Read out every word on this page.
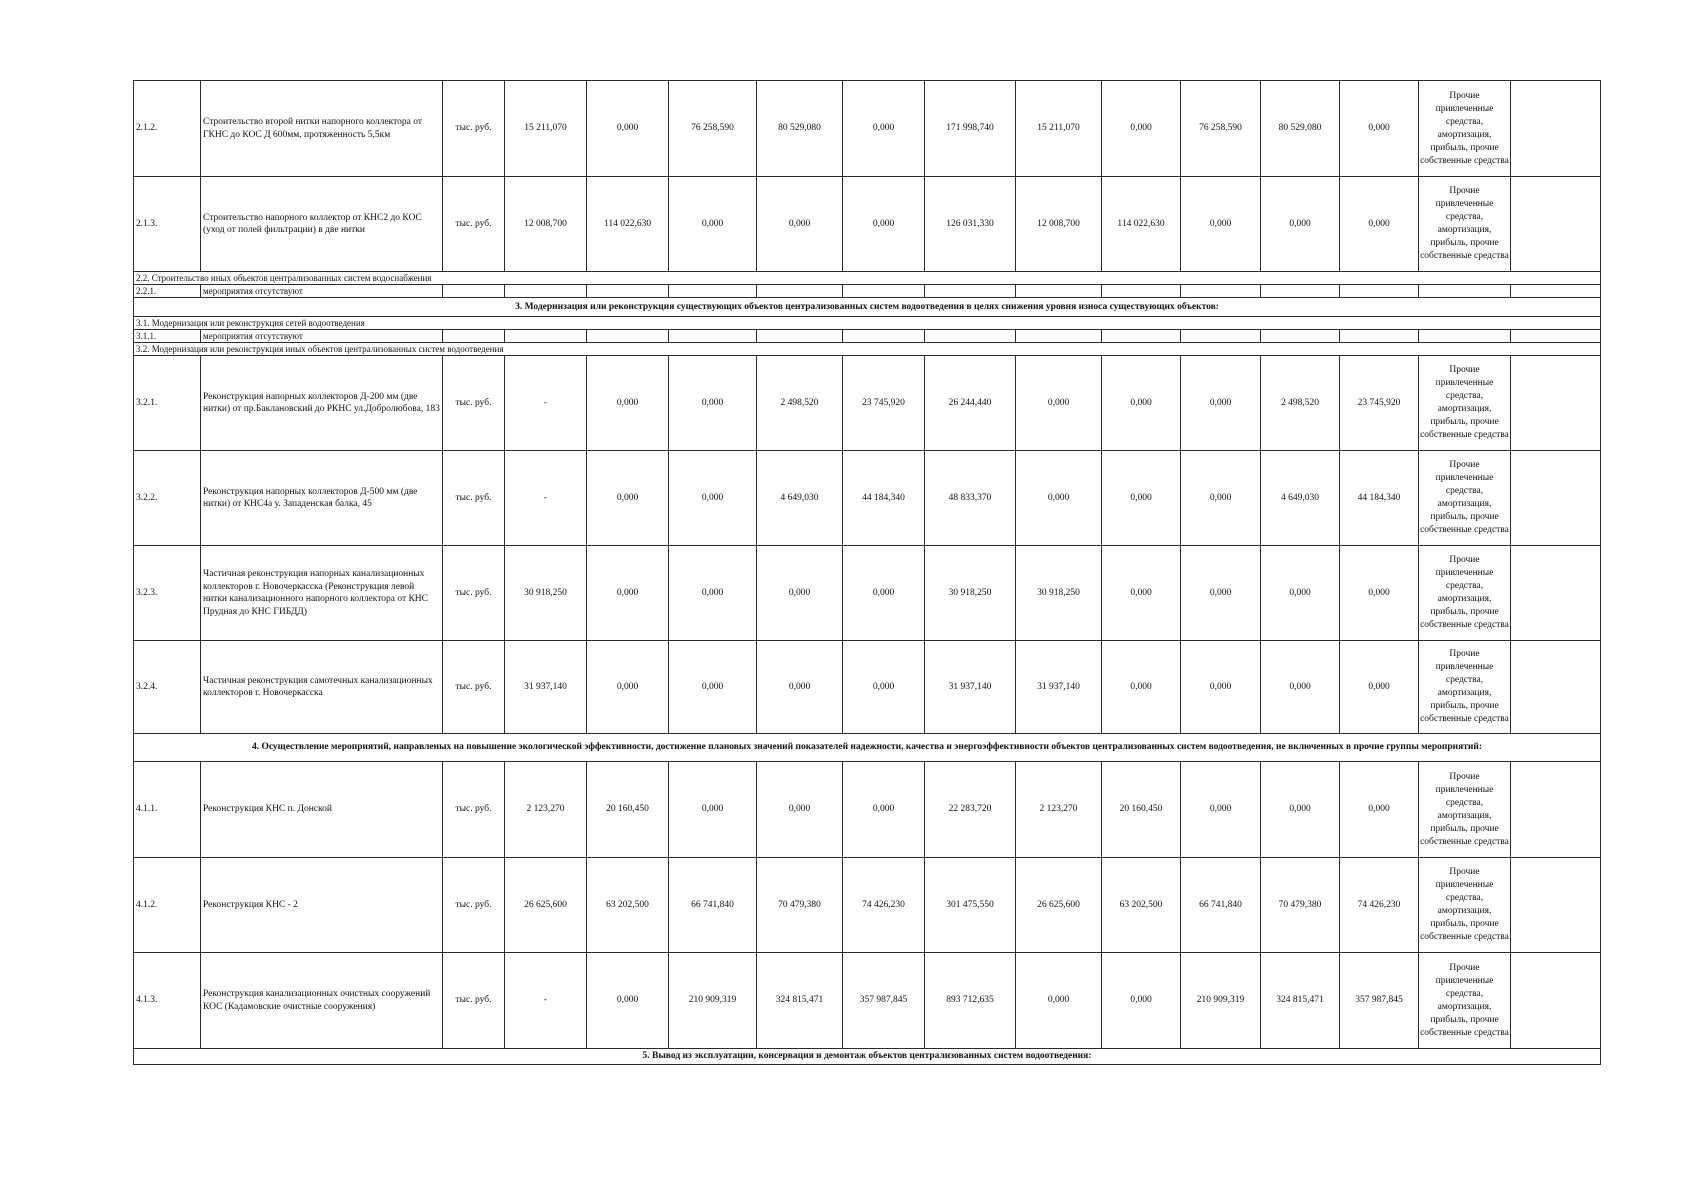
2.1.2.	Строительство второй нитки напорного коллектора от ГКНС до КОС Д 600мм, протяженность 5,5км	тыс. руб.	15 211,070	0,000	76 258,590	80 529,080	0,000	171 998,740	15 211,070	0,000	76 258,590	80 529,080	0,000	Прочие привлеченные средства, амортизация, прибыль, прочие собственные средства	
2.1.3.	Строительство напорного коллектор от КНС2 до КОС (уход от полей фильтрации) в две нитки	тыс. руб.	12 008,700	114 022,630	0,000	0,000	0,000	126 031,330	12 008,700	114 022,630	0,000	0,000	0,000	Прочие привлеченные средства, амортизация, прибыль, прочие собственные средства	
2.2. Строительство иных объектов централизованных систем водоснабжения															
2.2.1.	мероприятия отсутствуют														
3. Модернизация или реконструкция существующих объектов централизованных систем водоотведения в целях снижения уровня износа существующих объектов:															
3.1. Модернизация или реконструкция сетей водоотведения															
3.1.1.	мероприятия отсутствуют														
3.2. Модернизация или реконструкция иных объектов централизованных систем водоотведения															
3.2.1.	Реконструкция напорных коллекторов Д-200 мм (две нитки) от пр.Баклановский до РКНС ул.Добролюбова, 183	тыс. руб.	-	0,000	0,000	2 498,520	23 745,920	26 244,440	0,000	0,000	0,000	2 498,520	23 745,920	Прочие привлеченные средства, амортизация, прибыль, прочие собственные средства	
3.2.2.	Реконструкция напорных коллекторов Д-500 мм (две нитки) от КНС4а у. Западенская балка, 45	тыс. руб.	-	0,000	0,000	4 649,030	44 184,340	48 833,370	0,000	0,000	0,000	4 649,030	44 184,340	Прочие привлеченные средства, амортизация, прибыль, прочие собственные средства	
3.2.3.	Частичная реконструкция напорных канализационных коллекторов г. Новочеркасска (Реконструкция левой нитки канализационного напорного коллектора от КНС Прудная до КНС ГИБДД)	тыс. руб.	30 918,250	0,000	0,000	0,000	0,000	30 918,250	30 918,250	0,000	0,000	0,000	0,000	Прочие привлеченные средства, амортизация, прибыль, прочие собственные средства	
3.2.4.	Частичная реконструкция самотечных канализационных коллекторов г. Новочеркасска	тыс. руб.	31 937,140	0,000	0,000	0,000	0,000	31 937,140	31 937,140	0,000	0,000	0,000	0,000	Прочие привлеченные средства, амортизация, прибыль, прочие собственные средства	
4. Осуществление мероприятий, направленых на повышение экологической эффективности, достижение плановых значений показателей надежности, качества и энергоэффективности объектов централизованных систем водоотведения, не включенных в прочие группы мероприятий:															
4.1.1.	Реконструкция КНС п. Донской	тыс. руб.	2 123,270	20 160,450	0,000	0,000	0,000	22 283,720	2 123,270	20 160,450	0,000	0,000	0,000	Прочие привлеченные средства, амортизация, прибыль, прочие собственные средства	
4.1.2.	Реконструкция КНС - 2	тыс. руб.	26 625,600	63 202,500	66 741,840	70 479,380	74 426,230	301 475,550	26 625,600	63 202,500	66 741,840	70 479,380	74 426,230	Прочие привлеченные средства, амортизация, прибыль, прочие собственные средства	
4.1.3.	Реконструкция канализационных очистных сооружений КОС (Кадамовские очистные сооружения)	тыс. руб.	-	0,000	210 909,319	324 815,471	357 987,845	893 712,635	0,000	0,000	210 909,319	324 815,471	357 987,845	Прочие привлеченные средства, амортизация, прибыль, прочие собственные средства	
5. Вывод из эксплуатации, консервация и демонтаж объектов централизованных систем водоотведения:															
